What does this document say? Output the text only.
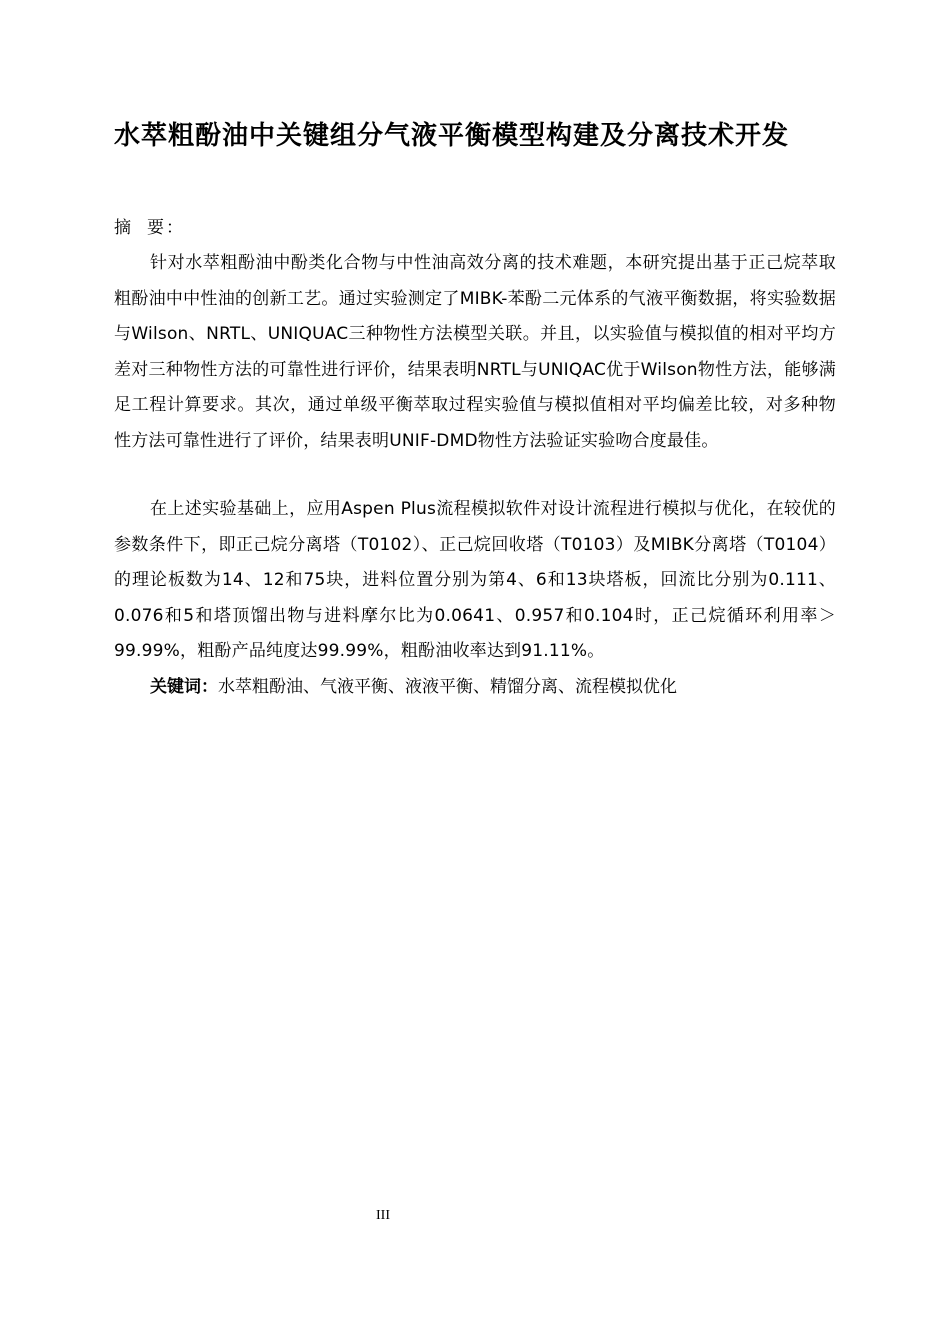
水萃粗酚油中关键组分气液平衡模型构建及分离技术开发
摘 要：

针对水萃粗酚油中酚类化合物与中性油高效分离的技术难题，本研究提出基于正己烷萃取粗酚油中中性油的创新工艺。通过实验测定了MIBK-苯酚二元体系的气液平衡数据，将实验数据与Wilson、NRTL、UNIQUAC三种物性方法模型关联。并且，以实验值与模拟值的相对平均方差对三种物性方法的可靠性进行评价，结果表明NRTL与UNIQAC优于Wilson物性方法，能够满足工程计算要求。其次，通过单级平衡萃取过程实验值与模拟值相对平均偏差比较，对多种物性方法可靠性进行了评价，结果表明UNIF-DMD物性方法验证实验吻合度最佳。

在上述实验基础上，应用Aspen Plus流程模拟软件对设计流程进行模拟与优化，在较优的参数条件下，即正己烷分离塔（T0102）、正己烷回收塔（T0103）及MIBK分离塔（T0104）的理论板数为14、12和75块，进料位置分别为第4、6和13块塔板，回流比分别为0.111、0.076和5和塔顶馏出物与进料摩尔比为0.0641、0.957和0.104时，正己烷循环利用率＞99.99%，粗酚产品纯度达99.99%，粗酚油收率达到91.11%。

关键词：水萃粗酚油、气液平衡、液液平衡、精馏分离、流程模拟优化
III
